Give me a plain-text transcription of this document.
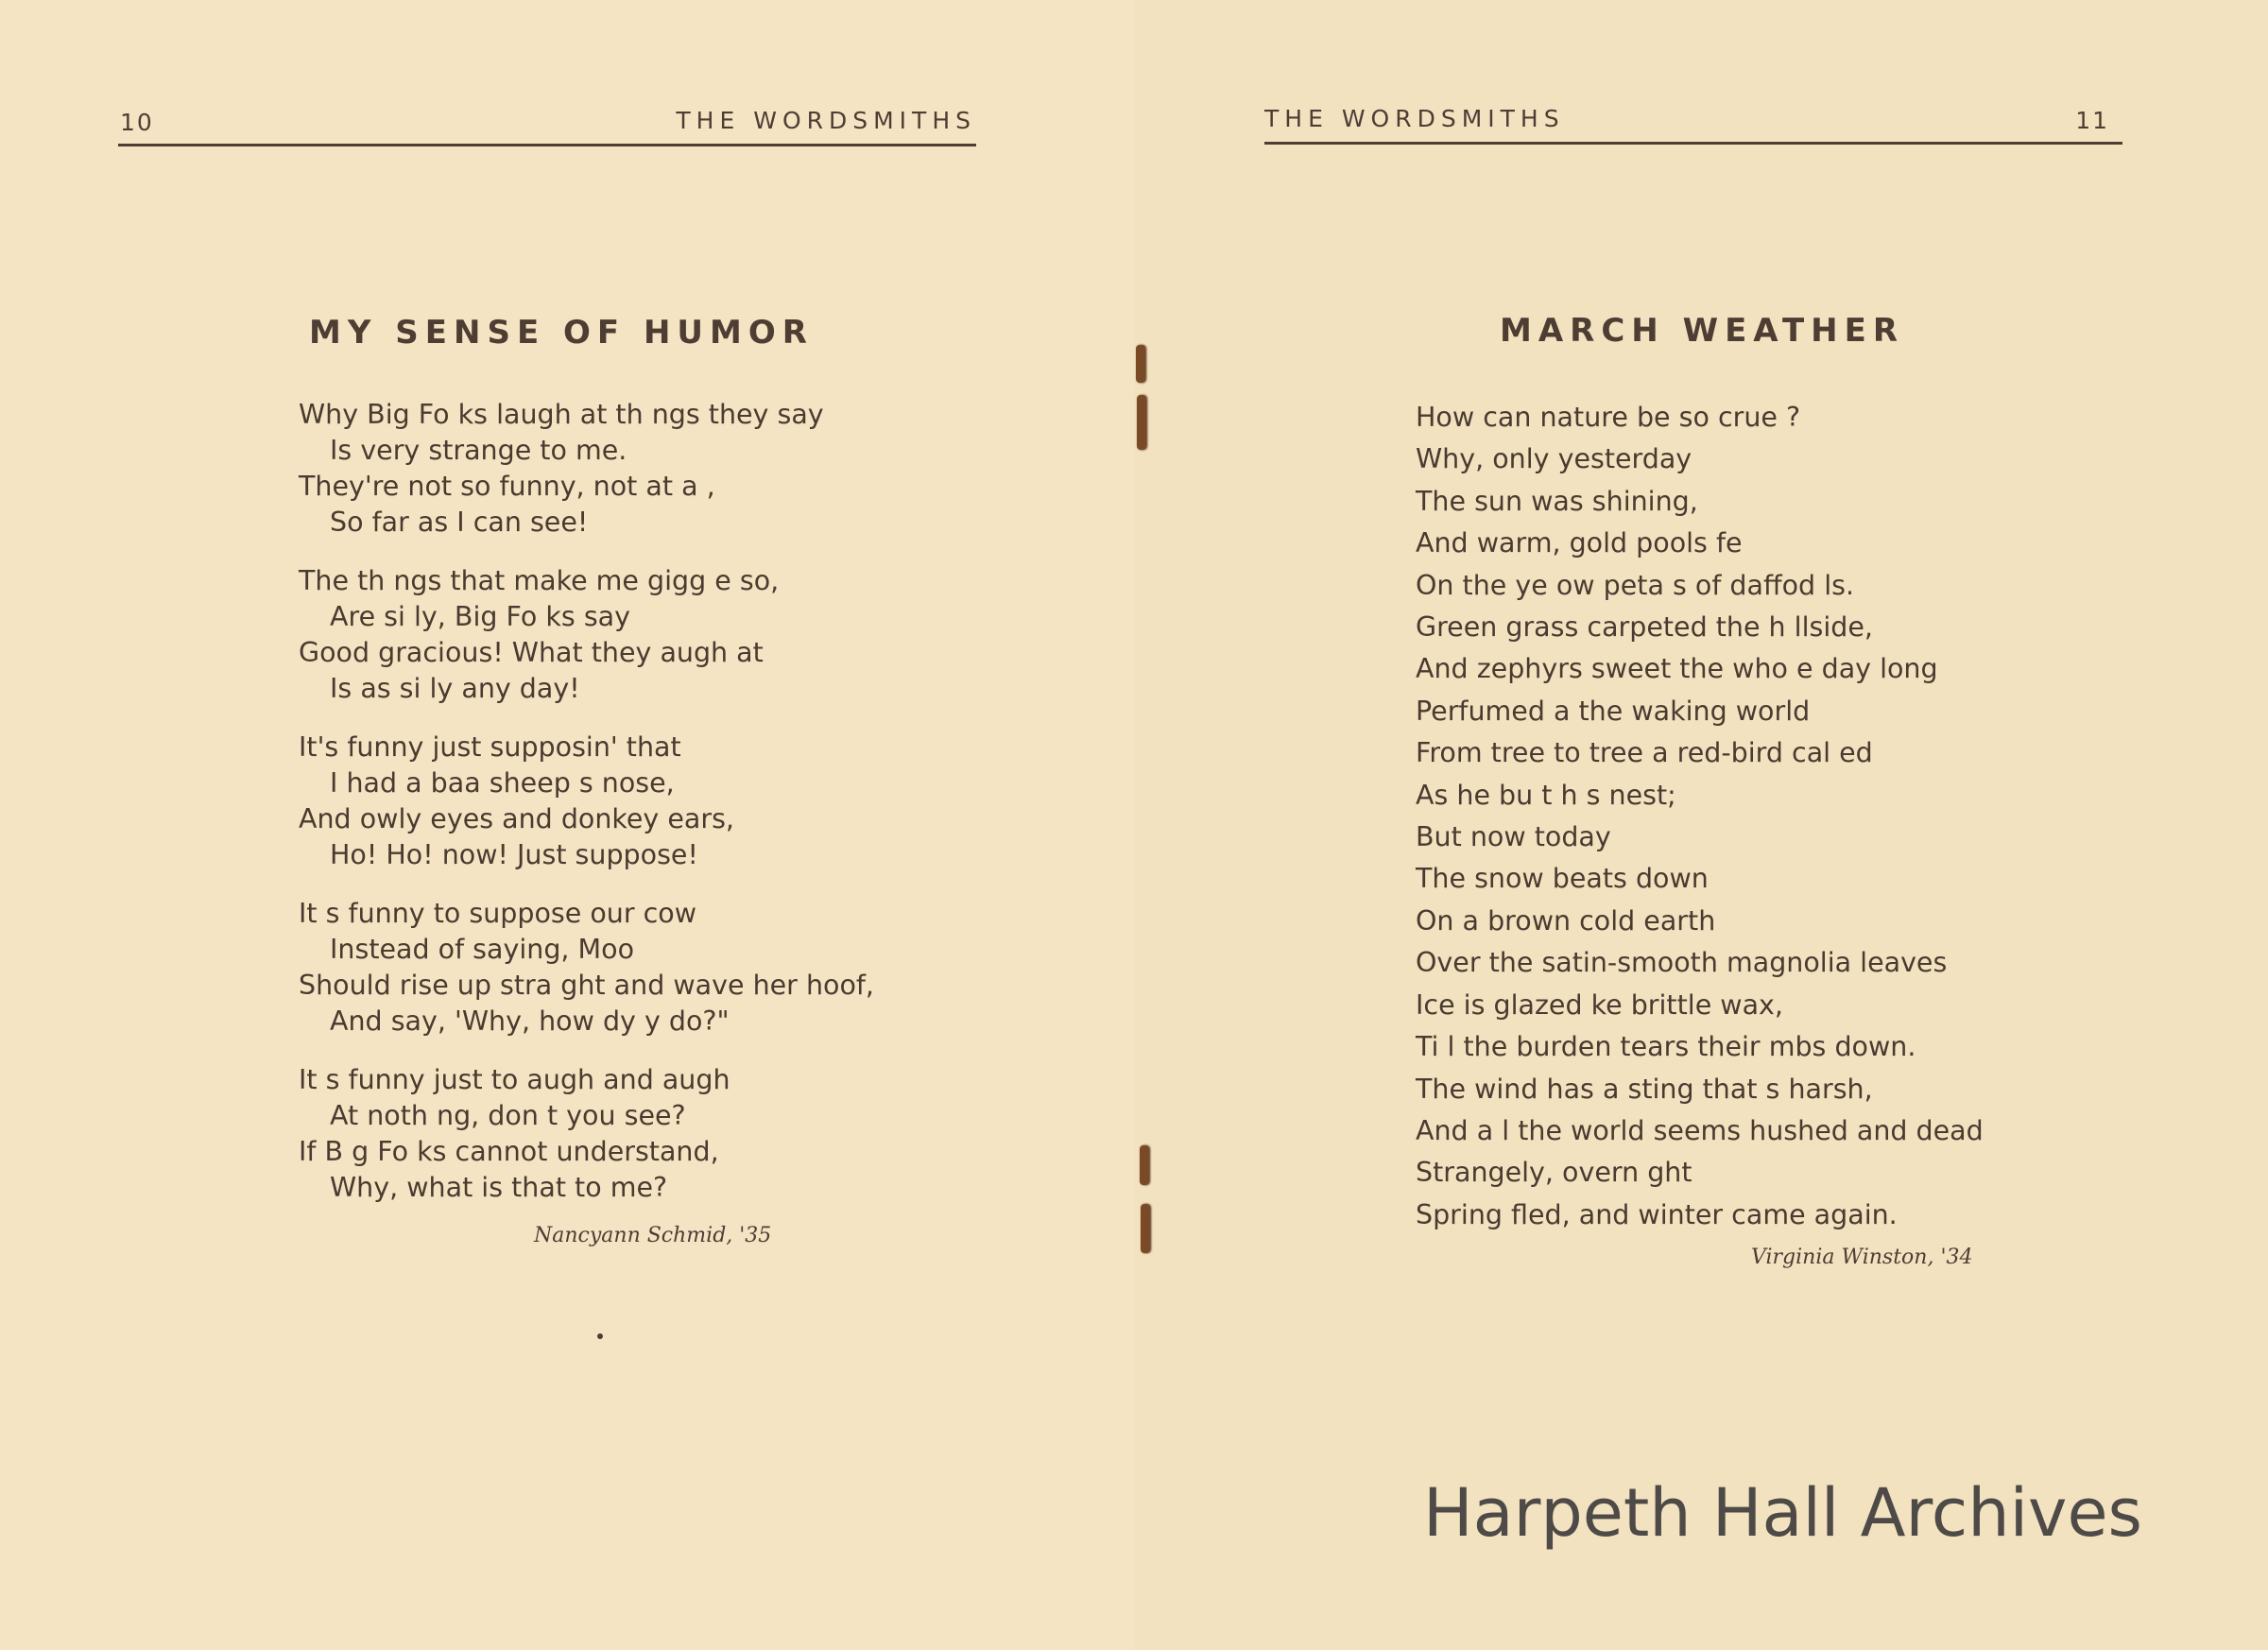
10	THE WORDSMITHS	THE WORDSMITHS	11
MY SENSE OF HUMOR	MARCH WEATHER
Why Big Fo ks laugh at th ngs they say
Is very strange to me.
They're not so funny, not at a ,
So far as I can see!
The th ngs that make me gigg e so,
Are si ly, Big Fo ks say
Good gracious! What they augh at
Is as si ly any day!
It's funny just supposin' that
I had a baa sheep s nose,
And owly eyes and donkey ears,
Ho! Ho! now! Just suppose!
It s funny to suppose our cow
Instead of saying, Moo
Should rise up stra ght and wave her hoof,
And say, 'Why, how dy y do?"
It s funny just to augh and augh
At noth ng, don t you see?
If B g Fo ks cannot understand,
Why, what is that to me?
Nancyann Schmid, '35
How can nature be so crue ?
Why, only yesterday
The sun was shining,
And warm, gold pools fe
On the ye ow peta s of daffod ls.
Green grass carpeted the h llside,
And zephyrs sweet the who e day long
Perfumed a the waking world
From tree to tree a red-bird cal ed
As he bu t h s nest;
But now today
The snow beats down
On a brown cold earth
Over the satin-smooth magnolia leaves
Ice is glazed ke brittle wax,
Ti l the burden tears their mbs down.
The wind has a sting that s harsh,
And a l the world seems hushed and dead
Strangely, overn ght
Spring fled, and winter came again.
Virginia Winston, '34
Harpeth Hall Archives
